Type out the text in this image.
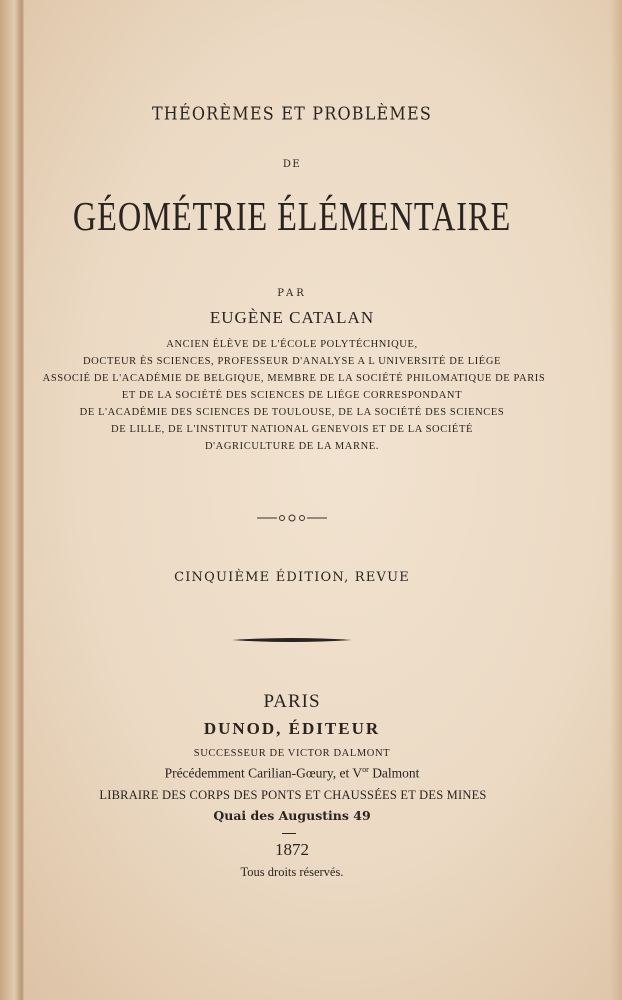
THÉORÈMES ET PROBLÈMES
DE
GÉOMÉTRIE ÉLÉMENTAIRE
PAR
EUGÈNE CATALAN
ANCIEN ÉLÈVE DE L'ÉCOLE POLYTÉCHNIQUE,
DOCTEUR ÈS SCIENCES, PROFESSEUR D'ANALYSE A L UNIVERSITÉ DE LIÉGE
ASSOCIÉ DE L'ACADÉMIE DE BELGIQUE, MEMBRE DE LA SOCIÉTÉ PHILOMATIQUE DE PARIS
ET DE LA SOCIÉTÉ DES SCIENCES DE LIÉGE CORRESPONDANT
DE L'ACADÉMIE DES SCIENCES DE TOULOUSE, DE LA SOCIÉTÉ DES SCIENCES
DE LILLE, DE L'INSTITUT NATIONAL GENEVOIS ET DE LA SOCIÉTÉ
D'AGRICULTURE DE LA MARNE.
CINQUIÈME ÉDITION, REVUE
PARIS
DUNOD, ÉDITEUR
SUCCESSEUR DE VICTOR DALMONT
Précédemment Carilian-Gœury, et $V^{or}$ Dalmont
LIBRAIRE DES CORPS DES PONTS ET CHAUSSÉES ET DES MINES
Quai des Augustins 49
1872
Tous droits réservés.
